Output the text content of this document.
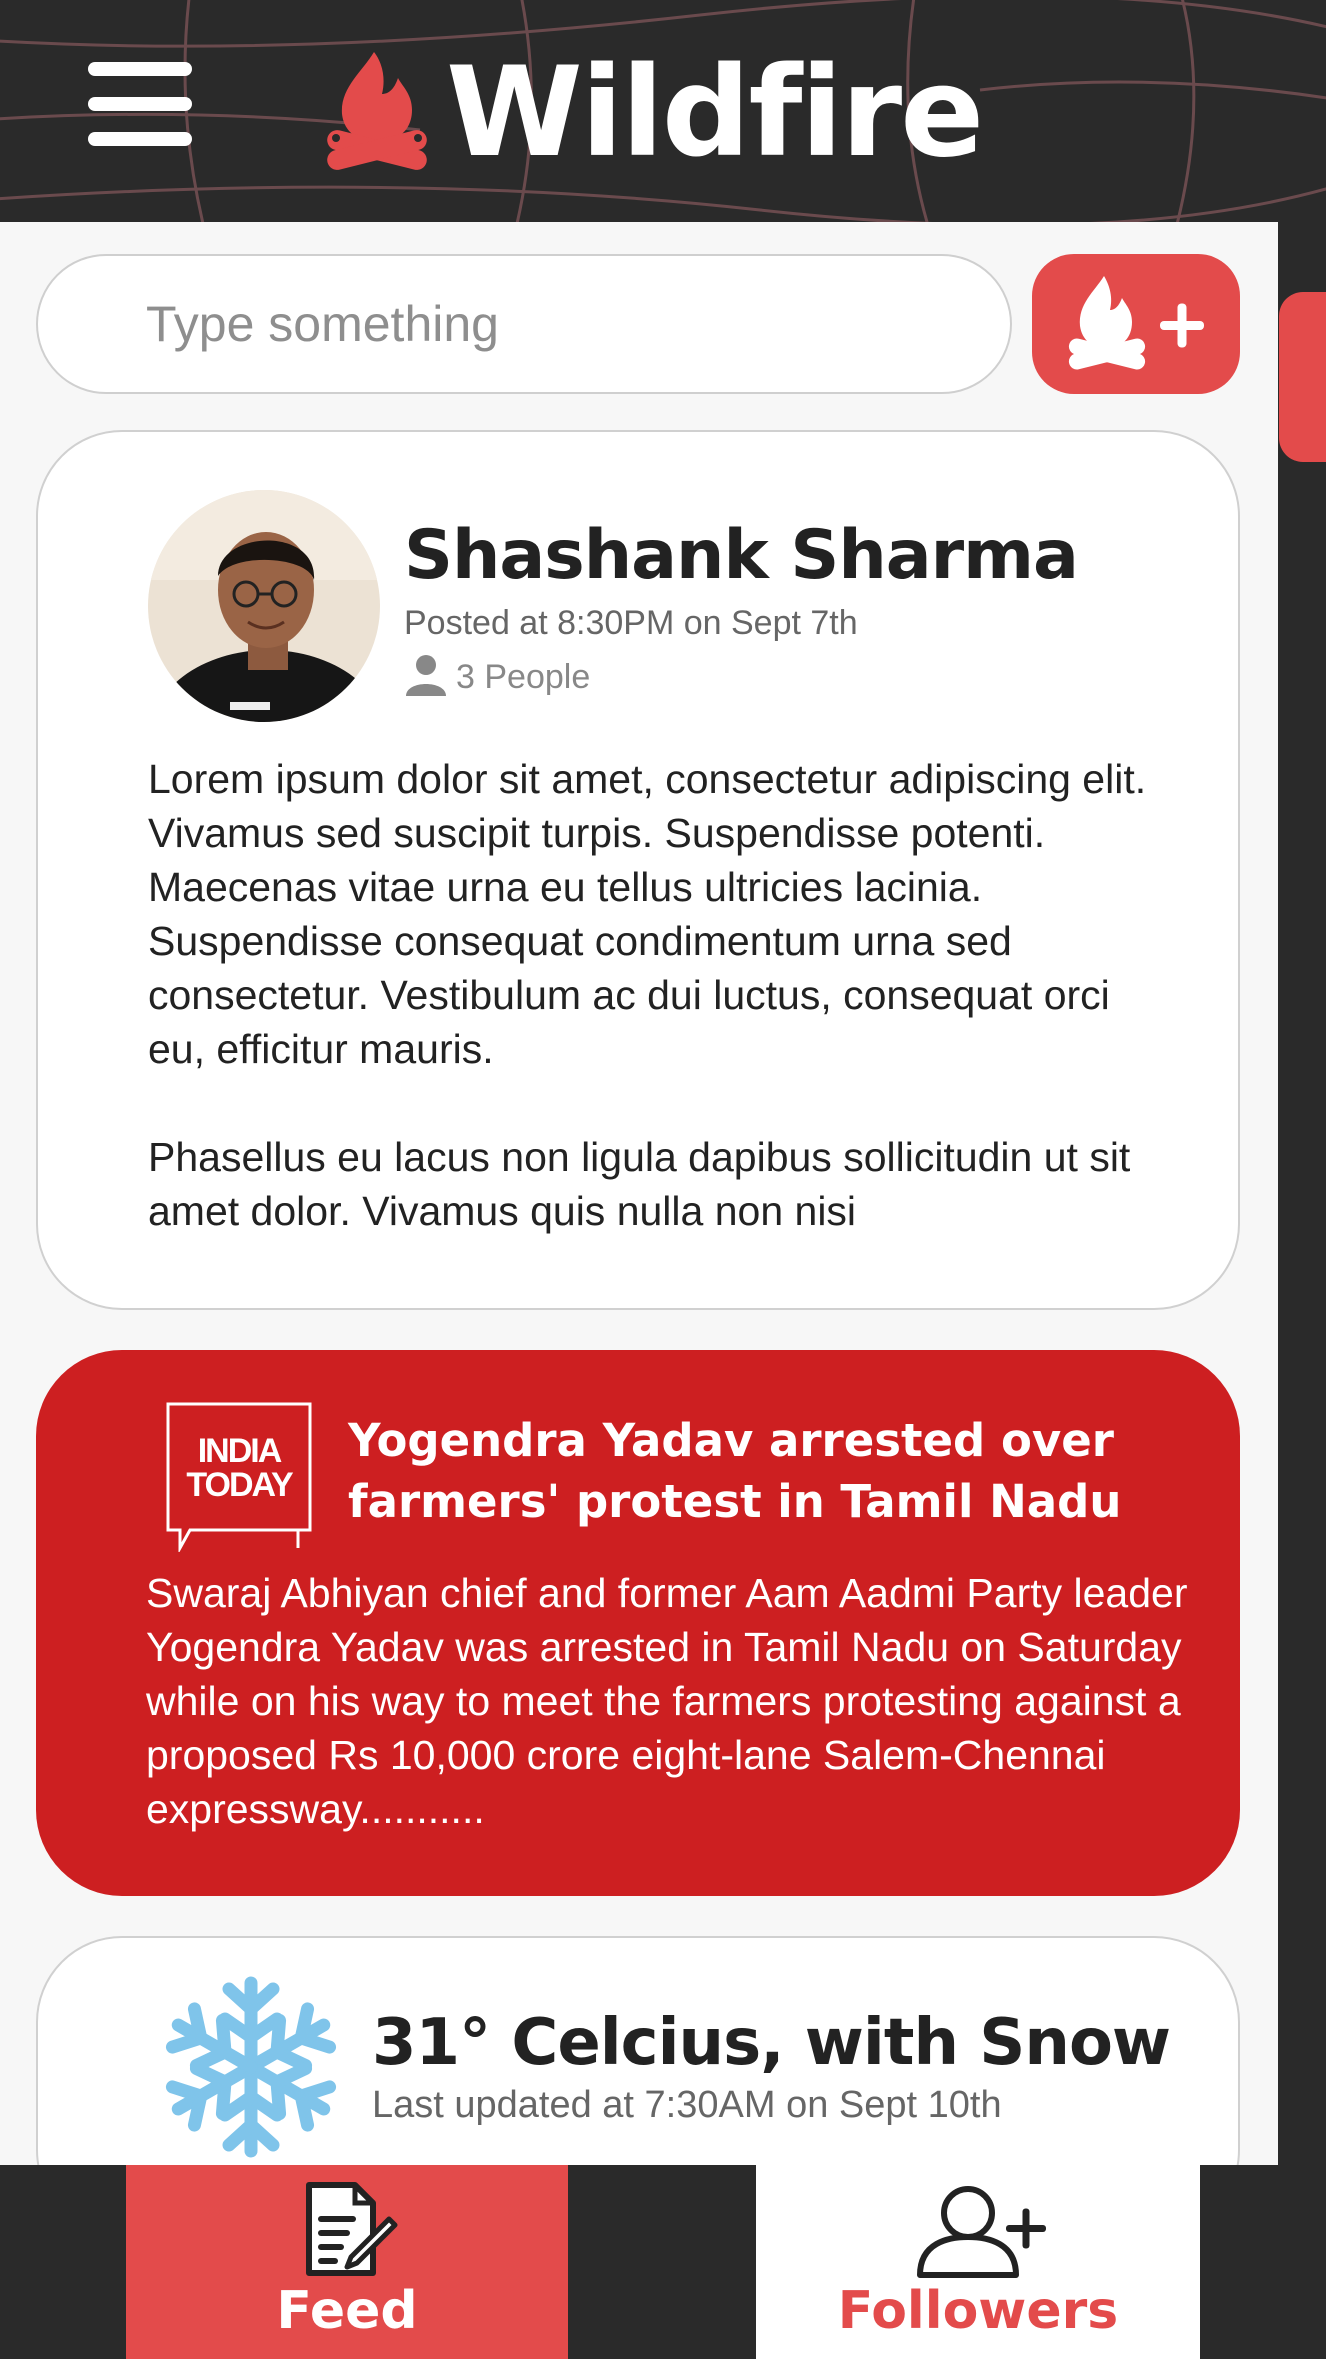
Wildfire
Type something
Shashank Sharma
Posted at 8:30PM on Sept 7th
3 People

Lorem ipsum dolor sit amet, consectetur adipiscing elit. Vivamus sed suscipit turpis. Suspendisse potenti. Maecenas vitae urna eu tellus ultricies lacinia. Suspendisse consequat condimentum urna sed consectetur. Vestibulum ac dui luctus, consequat orci eu, efficitur mauris.

Phasellus eu lacus non ligula dapibus sollicitudin ut sit amet dolor. Vivamus quis nulla non nisi

INDIA
TODAY
Yogendra Yadav arrested over farmers' protest in Tamil Nadu
Swaraj Abhiyan chief and former Aam Aadmi Party leader Yogendra Yadav was arrested in Tamil Nadu on Saturday while on his way to meet the farmers protesting against a proposed Rs 10,000 crore eight-lane Salem-Chennai expressway...........
31° Celcius, with Snow
Last updated at 7:30AM on Sept 10th
Feed	Followers
